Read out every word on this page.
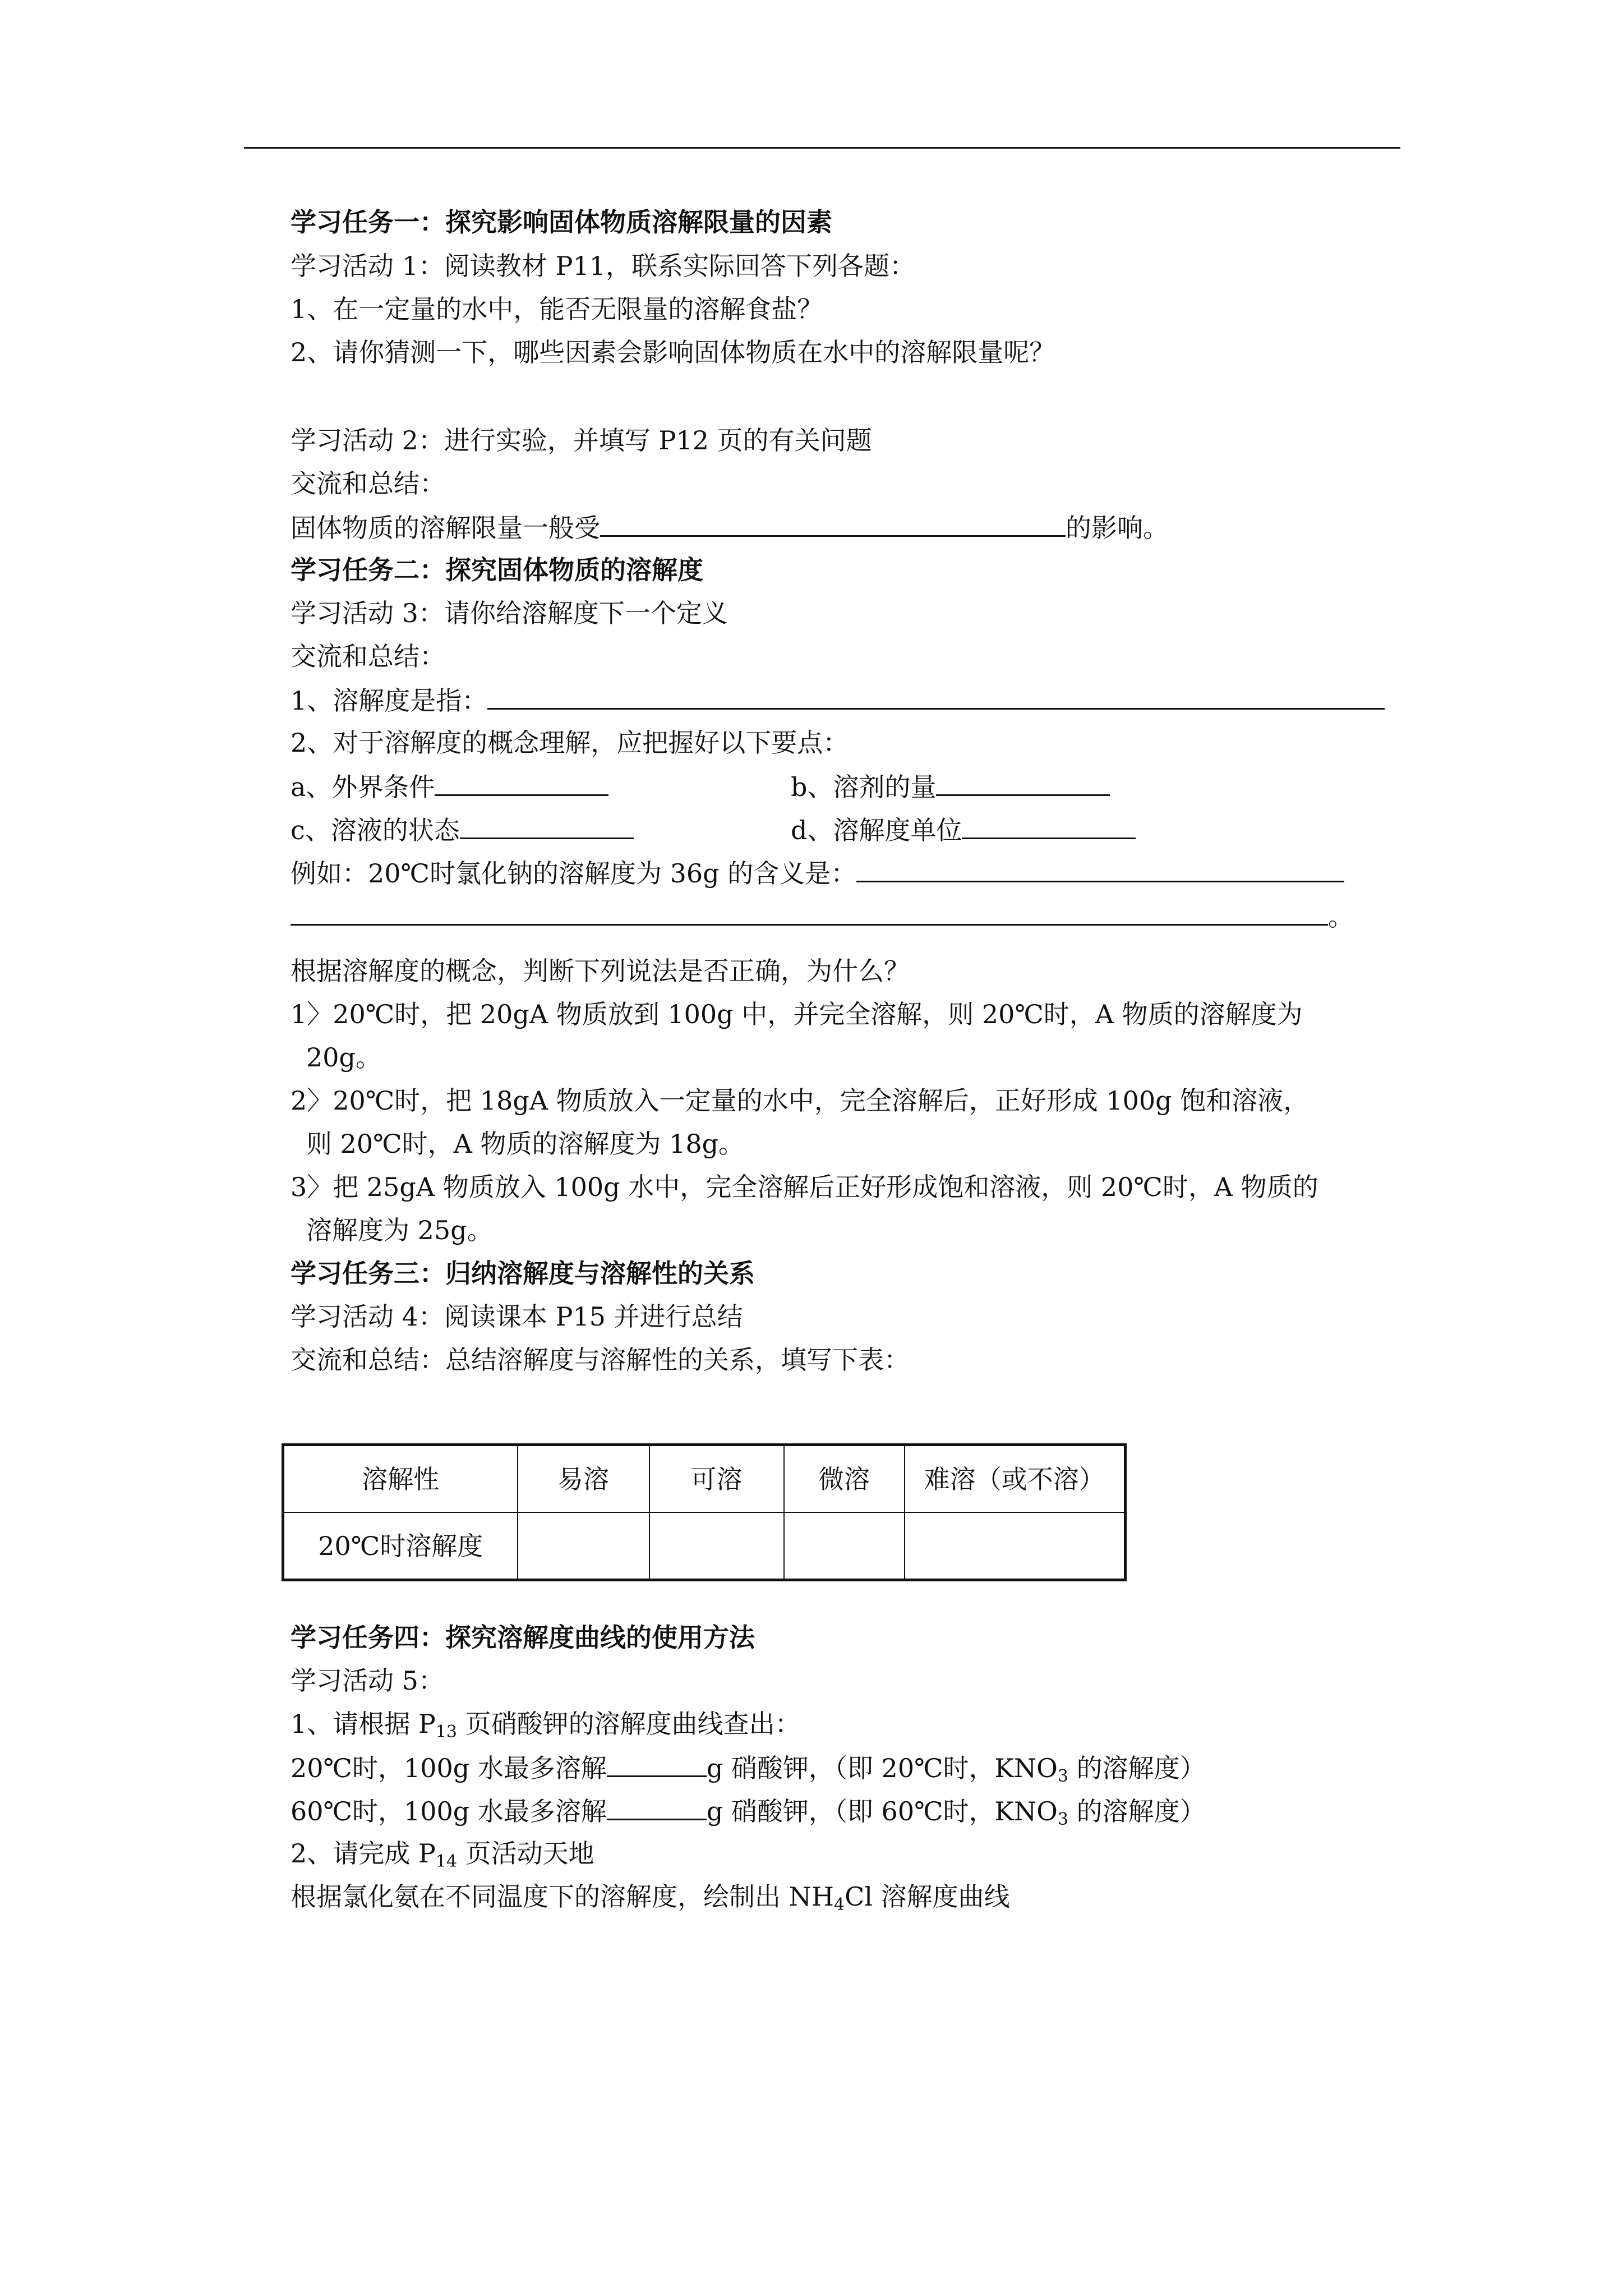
学习任务一：探究影响固体物质溶解限量的因素
学习活动 1：阅读教材 P11，联系实际回答下列各题：
1、在一定量的水中，能否无限量的溶解食盐？
2、请你猜测一下，哪些因素会影响固体物质在水中的溶解限量呢？
学习活动 2：进行实验，并填写 P12 页的有关问题
交流和总结：
固体物质的溶解限量一般受	的影响。
学习任务二：探究固体物质的溶解度
学习活动 3：请你给溶解度下一个定义
交流和总结：
1、溶解度是指：
2、对于溶解度的概念理解，应把握好以下要点：
a、外界条件	b、溶剂的量
c、溶液的状态	d、溶解度单位
例如：20℃时氯化钠的溶解度为 36g 的含义是：
。
根据溶解度的概念，判断下列说法是否正确，为什么？
1〉20℃时，把 20gA 物质放到 100g 中，并完全溶解，则 20℃时，A 物质的溶解度为
20g。
2〉20℃时，把 18gA 物质放入一定量的水中，完全溶解后，正好形成 100g 饱和溶液，
则 20℃时，A 物质的溶解度为 18g。
3〉把 25gA 物质放入 100g 水中，完全溶解后正好形成饱和溶液，则 20℃时，A 物质的
溶解度为 25g。
学习任务三：归纳溶解度与溶解性的关系
学习活动 4：阅读课本 P15 并进行总结
交流和总结：总结溶解度与溶解性的关系，填写下表：
溶解性	易溶	可溶	微溶	难溶（或不溶）
20℃时溶解度				
学习任务四：探究溶解度曲线的使用方法
学习活动 5：
1、请根据 $P_{13}$ 页硝酸钾的溶解度曲线查出：
20℃时，100g 水最多溶解	g 硝酸钾，（即 20℃时，$KNO_3$ 的溶解度）
60℃时，100g 水最多溶解	g 硝酸钾，（即 60℃时，$KNO_3$ 的溶解度）
2、请完成 $P_{14}$ 页活动天地
根据氯化氨在不同温度下的溶解度，绘制出 $NH_4Cl$ 溶解度曲线
